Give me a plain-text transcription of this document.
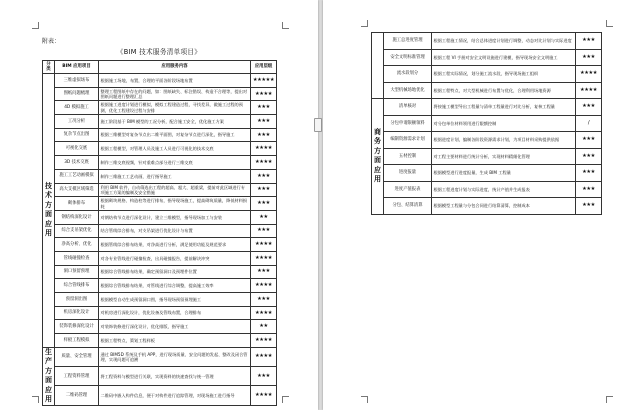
附表：
《BIM 技术服务清单项目》
分类	BIM 应用项目	应用服务内容	应用层级
技术方面应用	三维虚拟场布	根据施工场地，布置，合理的平面各阶段场地布置	★★★★★
	图纸问题梳理	整理工程图纸中存在的问题，如：图纸缺失、标注错误、构造不合理等，提出对图纸问题进行整理汇总	★★★★
	4D 模拟施工	根据施工进度计划进行模拟，模拟工程建造过程，寻找差异，做施工过程的预测，优化工程建设过程与安排	★★★
	工况分析	施工阶段基于 BIM 模型的工况分析，配合施工安全，优化施工方案	★★★
	复杂节点出图	根据三维模型对复杂节点出二维平面图，对复杂节点进行深化，指导施工	★★★
	可视化交底	根据工程模型，对管理人员及施工人员进行可视化的技术交底	★★★★
	3D 技术交底	制作三维交底视频，针对重难点部分进行三维交底	★★★★
	施工工艺动画模拟	制作三维施工工艺动画，进行指导施工	★★★
	高大支模区域筛选	利用 BIM 软件，自动筛选出工程的超高、超大、超重梁，提前对此区域进行专项施工方案的编制及安全措施	★★★
	砌体排布	根据砌块规格、构造柱等进行排布，指导现场施工，提高砌筑质量，降低材料损耗	★★★
	钢结构深化设计	对钢结构节点进行深化设计，建立三维模型，指导现场加工与安装	★★
	综合支吊架优化	结合管线综合排布，对支吊架进行优化设计与布置	★★★
	净高分析、优化	根据管线综合排布结果，对净高进行分析，满足使用功能及规范要求	★★★★
	管线碰撞检查	对各专业管线进行碰撞检查，出具碰撞报告，提前解决冲突	★★★★
	洞口预留预埋	根据综合管线排布结果，确定预留洞口及预埋件位置	★★★
	综合管线排布	根据综合管线排布结果，对管线进行综合调整，提高施工效率	★★★★
	预留洞出图	根据模型自动生成预留洞口图，指导现场预留预埋施工	★★★
	机房深化设计	对机房进行深化设计，优化设备及管线布置，合理排布	★★★★
	装饰装修深化设计	对装饰装修进行深化设计，优化排版，指导施工	★★
	样板工程模拟	根据工程特点，策划工程样板	★★★★
生产方面应用	质量、安全管理	通过 BIM5D 系统及手机 APP，进行现场质量、安全问题的发起、整改及闭合管理，实现问题可追溯	★★★★
	工程资料管理	将工程资料与模型进行关联，实现资料的快速查找与统一管理	★★★
	二维码管理	二维码中嵌入构件信息，便于对构件进行追踪管理，对现场施工进行指导	★★★★
	施工总进度管理	根据工程施工情况，结合总体进度计划进行调整，动态对比计划与实际进度	★★★
	安全文明标准管理	根据工程 VI 手册对安全文明设施进行建模，指导现场安全文明施工	★★★
	流水段划分	根据工程实际情况，划分施工流水段，指导现场施工组织	★★★★
	大型机械场地优化	根据工程特点，对大型机械进行布置与优化，合理利用场地资源	★★★★
商务方面应用	清单核对	将按施工模型导出工程量与清单工程量进行对比分析，复核工程量	★★★
	分包申请限额领料	对分包单位材料领用进行限额控制	/
	编制资源需求计划	根据进度计划，编制各阶段资源需求计划，为项目材料采购提供依据	★★★
	五材控制	对工程主要材料进行统计分析，实现材料精细化管理	★★★
	进度报量	根据模型进行进度报量，生成 BIM 工程量	★★★
	进度产值报表	根据工程进度计划与实际进度，统计产值并生成报表	★★★
	分包、结算清算	根据模型工程量与分包合同进行结算清算，控制成本	★★★
m
